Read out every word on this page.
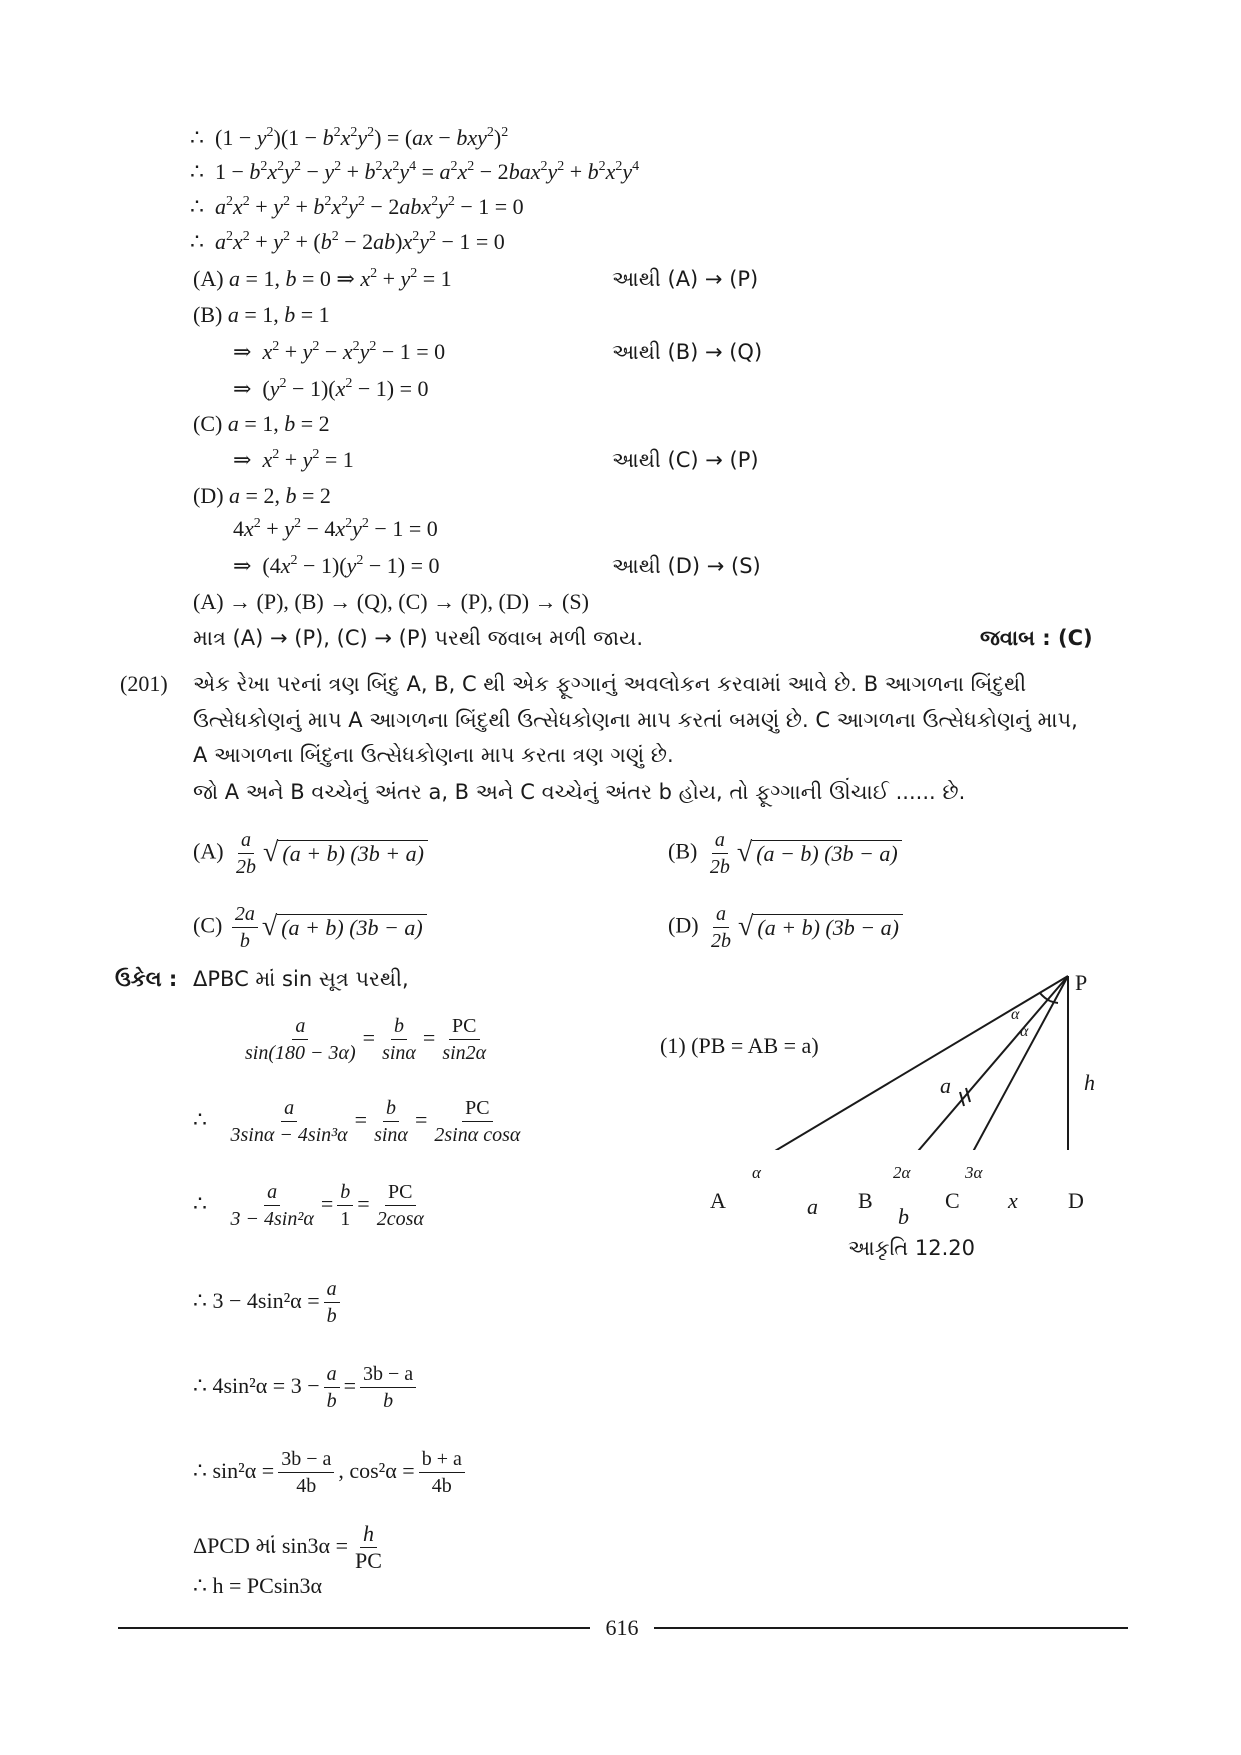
∴  $(1 - y^2)(1 - b^2x^2y^2) = (ax - bxy^2)^2$
∴  $1 - b^2x^2y^2 - y^2 + b^2x^2y^4 = a^2x^2 - 2bax^2y^2 + b^2x^2y^4$
∴  $a^2x^2 + y^2 + b^2x^2y^2 - 2abx^2y^2 - 1 = 0$
∴  $a^2x^2 + y^2 + (b^2 - 2ab)x^2y^2 - 1 = 0$
(A) a = 1, b = 0 ⇒ $x^2 + y^2 = 1$	આથી (A) → (P)
(B) a = 1, b = 1
⇒  $x^2 + y^2 - x^2y^2 - 1 = 0$	આથી (B) → (Q)
⇒  $(y^2 - 1)(x^2 - 1) = 0$
(C) a = 1, b = 2
⇒  $x^2 + y^2 = 1$	આથી (C) → (P)
(D) a = 2, b = 2
$4x^2 + y^2 - 4x^2y^2 - 1 = 0$
⇒  $(4x^2 - 1)(y^2 - 1) = 0$	આથી (D) → (S)
(A) → (P), (B) → (Q), (C) → (P), (D) → (S)
માત્ર (A) → (P), (C) → (P) પરથી જવાબ મળી જાય.	જવાબ : (C)
(201) એક રેખા પરનાં ત્રણ બિંદુ A, B, C થી એક ફૂગ્ગાનું અવલોકન કરવામાં આવે છે. B આગળના બિંદુથી
ઉત્સેધકોણનું માપ A આગળના બિંદુથી ઉત્સેધકોણના માપ કરતાં બમણું છે. C આગળના ઉત્સેધકોણનું માપ,
A આગળના બિંદુના ઉત્સેધકોણના માપ કરતા ત્રણ ગણું છે.
જો A અને B વચ્ચેનું અંતર a, B અને C વચ્ચેનું અંતર b હોય, તો ફૂગ્ગાની ઊંચાઈ ...... છે.
$(A) \frac{a}{2b}$ √ (a + b) (3b + a)	$(B) \frac{a}{2b}$ √ (a − b) (3b − a)
$(C) \frac{2a}{b}$ √ (a + b) (3b − a)	$(D) \frac{a}{2b}$ √ (a + b) (3b − a)
ઉકેલ : ΔPBC માં sin સૂત્ર પરથી,
$\frac{a}{\sin(180 - 3\alpha)} = \frac{b}{\sin\alpha} = \frac{PC}{\sin 2\alpha}$
∴ $\frac{a}{\text{3sinα − 4sin³α}} = \frac{b}{\sin\alpha} = \frac{PC}{\text{2sinα cosα}}$
∴ $\frac{a}{\text{3 − 4sin²α}} = \frac{b}{1} = \frac{PC}{2\cos\alpha}$
∴ $3 - 4\sin^2\alpha = \frac{a}{b}$
∴ $4\sin^2\alpha = 3 - \frac{a}{b} = \frac{3b - a}{b}$
∴ $\sin^2\alpha = \frac{3b - a}{4b}$ , $\cos^2\alpha = \frac{b + a}{4b}$
ΔPCD માં $\sin 3\alpha = \frac{h}{PC}$
∴ h = PCsin3α
(1) (PB = AB = a)
P
A	B	C	D
h
a
a	b
x
α	2α	3α
α
α
આકૃતિ 12.20
616
